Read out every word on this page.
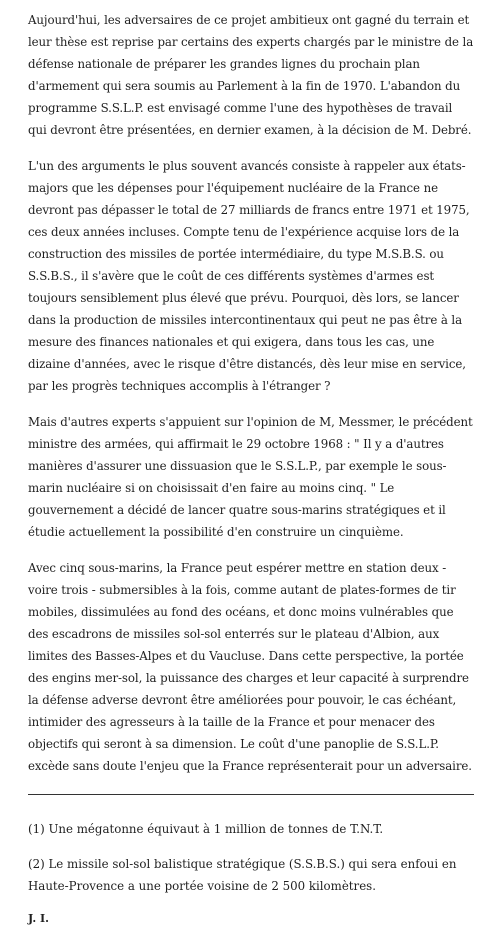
Aujourd'hui, les adversaires de ce projet ambitieux ont gagné du terrain et leur thèse est reprise par certains des experts chargés par le ministre de la défense nationale de préparer les grandes lignes du prochain plan d'armement qui sera soumis au Parlement à la fin de 1970. L'abandon du programme S.S.L.P. est envisagé comme l'une des hypothèses de travail qui devront être présentées, en dernier examen, à la décision de M. Debré.

L'un des arguments le plus souvent avancés consiste à rappeler aux états-majors que les dépenses pour l'équipement nucléaire de la France ne devront pas dépasser le total de 27 milliards de francs entre 1971 et 1975, ces deux années incluses. Compte tenu de l'expérience acquise lors de la construction des missiles de portée intermédiaire, du type M.S.B.S. ou S.S.B.S., il s'avère que le coût de ces différents systèmes d'armes est toujours sensiblement plus élevé que prévu. Pourquoi, dès lors, se lancer dans la production de missiles intercontinentaux qui peut ne pas être à la mesure des finances nationales et qui exigera, dans tous les cas, une dizaine d'années, avec le risque d'être distancés, dès leur mise en service, par les progrès techniques accomplis à l'étranger ?

Mais d'autres experts s'appuient sur l'opinion de M, Messmer, le précédent ministre des armées, qui affirmait le 29 octobre 1968 : " Il y a d'autres manières d'assurer une dissuasion que le S.S.L.P., par exemple le sous-marin nucléaire si on choisissait d'en faire au moins cinq. " Le gouvernement a décidé de lancer quatre sous-marins stratégiques et il étudie actuellement la possibilité d'en construire un cinquième.

Avec cinq sous-marins, la France peut espérer mettre en station deux - voire trois - submersibles à la fois, comme autant de plates-formes de tir mobiles, dissimulées au fond des océans, et donc moins vulnérables que des escadrons de missiles sol-sol enterrés sur le plateau d'Albion, aux limites des Basses-Alpes et du Vaucluse. Dans cette perspective, la portée des engins mer-sol, la puissance des charges et leur capacité à surprendre la défense adverse devront être améliorées pour pouvoir, le cas échéant, intimider des agresseurs à la taille de la France et pour menacer des objectifs qui seront à sa dimension. Le coût d'une panoplie de S.S.L.P. excède sans doute l'enjeu que la France représenterait pour un adversaire.

(1) Une mégatonne équivaut à 1 million de tonnes de T.N.T.

(2) Le missile sol-sol balistique stratégique (S.S.B.S.) qui sera enfoui en Haute-Provence a une portée voisine de 2 500 kilomètres.

J. I.
